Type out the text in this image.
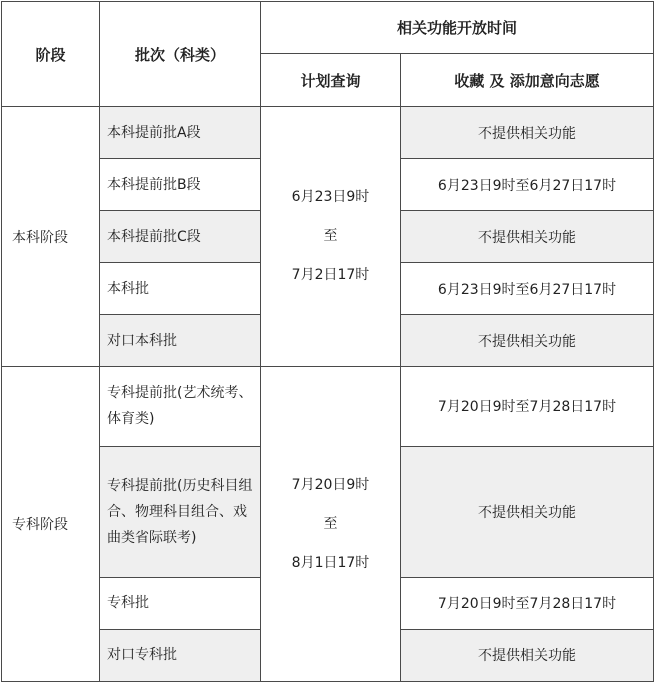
阶段	批次（科类）	相关功能开放时间	
		计划查询	收藏 及 添加意向志愿
本科阶段	本科提前批A段	6月23日9时
至
7月2日17时	不提供相关功能
	本科提前批B段		6月23日9时至6月27日17时
	本科提前批C段		不提供相关功能
	本科批		6月23日9时至6月27日17时
	对口本科批		不提供相关功能
专科阶段	专科提前批(艺术统考、体育类)	7月20日9时
至
8月1日17时	7月20日9时至7月28日17时
	专科提前批(历史科目组合、物理科目组合、戏曲类省际联考)		不提供相关功能
	专科批		7月20日9时至7月28日17时
	对口专科批		不提供相关功能
